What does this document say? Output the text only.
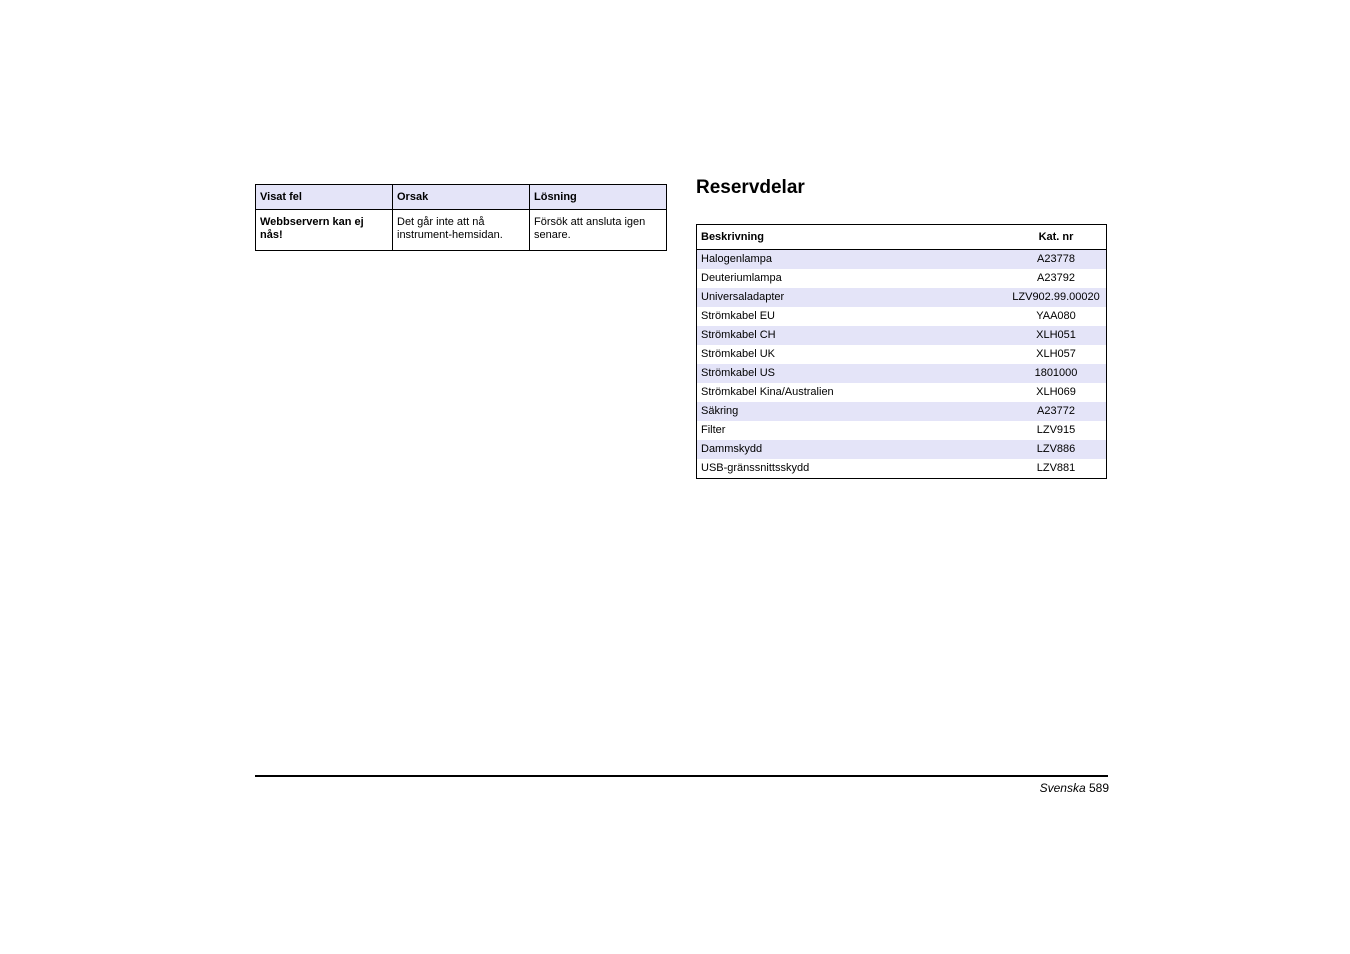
Visat fel	Orsak	Lösning
Webbservern kan ej nås!	Det går inte att nå instrument-hemsidan.	Försök att ansluta igen senare.
Reservdelar
Beskrivning	Kat. nr
Halogenlampa	A23778
Deuteriumlampa	A23792
Universaladapter	LZV902.99.00020
Strömkabel EU	YAA080
Strömkabel CH	XLH051
Strömkabel UK	XLH057
Strömkabel US	1801000
Strömkabel Kina/Australien	XLH069
Säkring	A23772
Filter	LZV915
Dammskydd	LZV886
USB-gränssnittsskydd	LZV881
Svenska 589
